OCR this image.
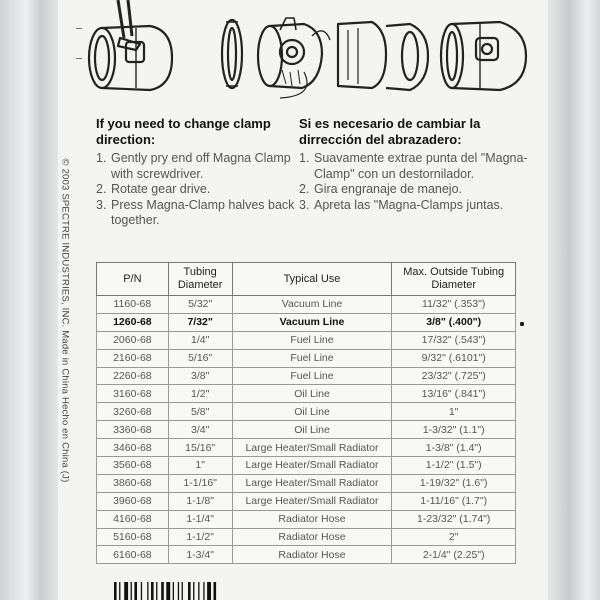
© 2003 SPECTRE INDUSTRIES, INC. Made in China Hecho en China (J)
If you need to change clamp direction:
1. Gently pry end off Magna Clamp with screwdriver.
2. Rotate gear drive.
3. Press Magna-Clamp halves back together.
Si es necesario de cambiar la dirrección del abrazadero:
1. Suavamente extrae punta del "Magna-Clamp" con un destornilador.
2. Gira engranaje de manejo.
3. Apreta las "Magna-Clamps juntas.
P/N	Tubing Diameter	Typical Use	Max. Outside Tubing Diameter
1160-68	5/32"	Vacuum Line	11/32" (.353")
1260-68	7/32"	Vacuum Line	3/8" (.400")
2060-68	1/4"	Fuel Line	17/32" (.543")
2160-68	5/16"	Fuel Line	9/32" (.6101")
2260-68	3/8"	Fuel Line	23/32" (.725")
3160-68	1/2"	Oil Line	13/16" (.841")
3260-68	5/8"	Oil Line	1"
3360-68	3/4"	Oil Line	1-3/32" (1.1")
3460-68	15/16"	Large Heater/Small Radiator	1-3/8" (1.4")
3560-68	1"	Large Heater/Small Radiator	1-1/2" (1.5")
3860-68	1-1/16"	Large Heater/Small Radiator	1-19/32" (1.6")
3960-68	1-1/8"	Large Heater/Small Radiator	1-11/16" (1.7")
4160-68	1-1/4"	Radiator Hose	1-23/32" (1.74")
5160-68	1-1/2"	Radiator Hose	2"
6160-68	1-3/4"	Radiator Hose	2-1/4" (2.25")
